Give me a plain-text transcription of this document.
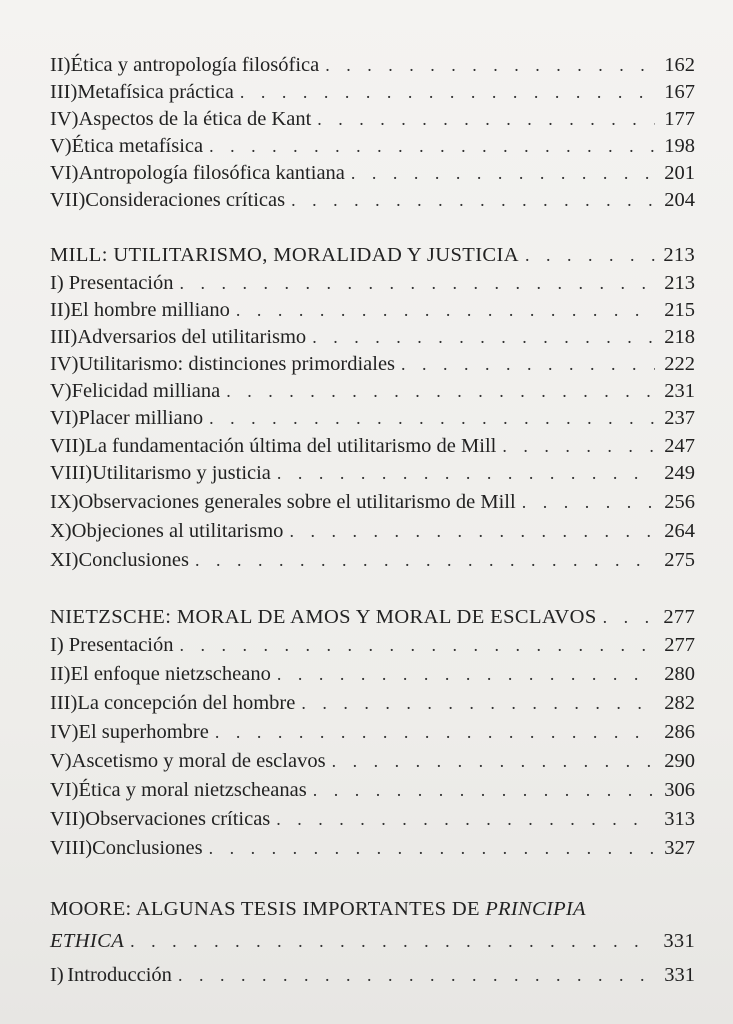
II) Ética y antropología filosófica . . .	162
III) Metafísica práctica . . .	167
IV) Aspectos de la ética de Kant . . .	177
V) Ética metafísica . . .	198
VI) Antropología filosófica kantiana . . .	201
VII) Consideraciones críticas . . .	204
MILL: UTILITARISMO, MORALIDAD Y JUSTICIA . . .	213
I) Presentación . . .	213
II) El hombre milliano . . .	215
III) Adversarios del utilitarismo . . .	218
IV) Utilitarismo: distinciones primordiales . . .	222
V) Felicidad milliana . . .	231
VI) Placer milliano . . .	237
VII) La fundamentación última del utilitarismo de Mill . . .	247
VIII) Utilitarismo y justicia . . .	249
IX) Observaciones generales sobre el utilitarismo de Mill . . .	256
X) Objeciones al utilitarismo . . .	264
XI) Conclusiones . . .	275
NIETZSCHE: MORAL DE AMOS Y MORAL DE ESCLAVOS . . .	277
I) Presentación . . .	277
II) El enfoque nietzscheano . . .	280
III) La concepción del hombre . . .	282
IV) El superhombre . . .	286
V) Ascetismo y moral de esclavos . . .	290
VI) Ética y moral nietzscheanas . . .	306
VII) Observaciones críticas . . .	313
VIII) Conclusiones . . .	327
MOORE: ALGUNAS TESIS IMPORTANTES DE PRINCIPIA
ETHICA . . .	331
I) Introducción . . .	331
